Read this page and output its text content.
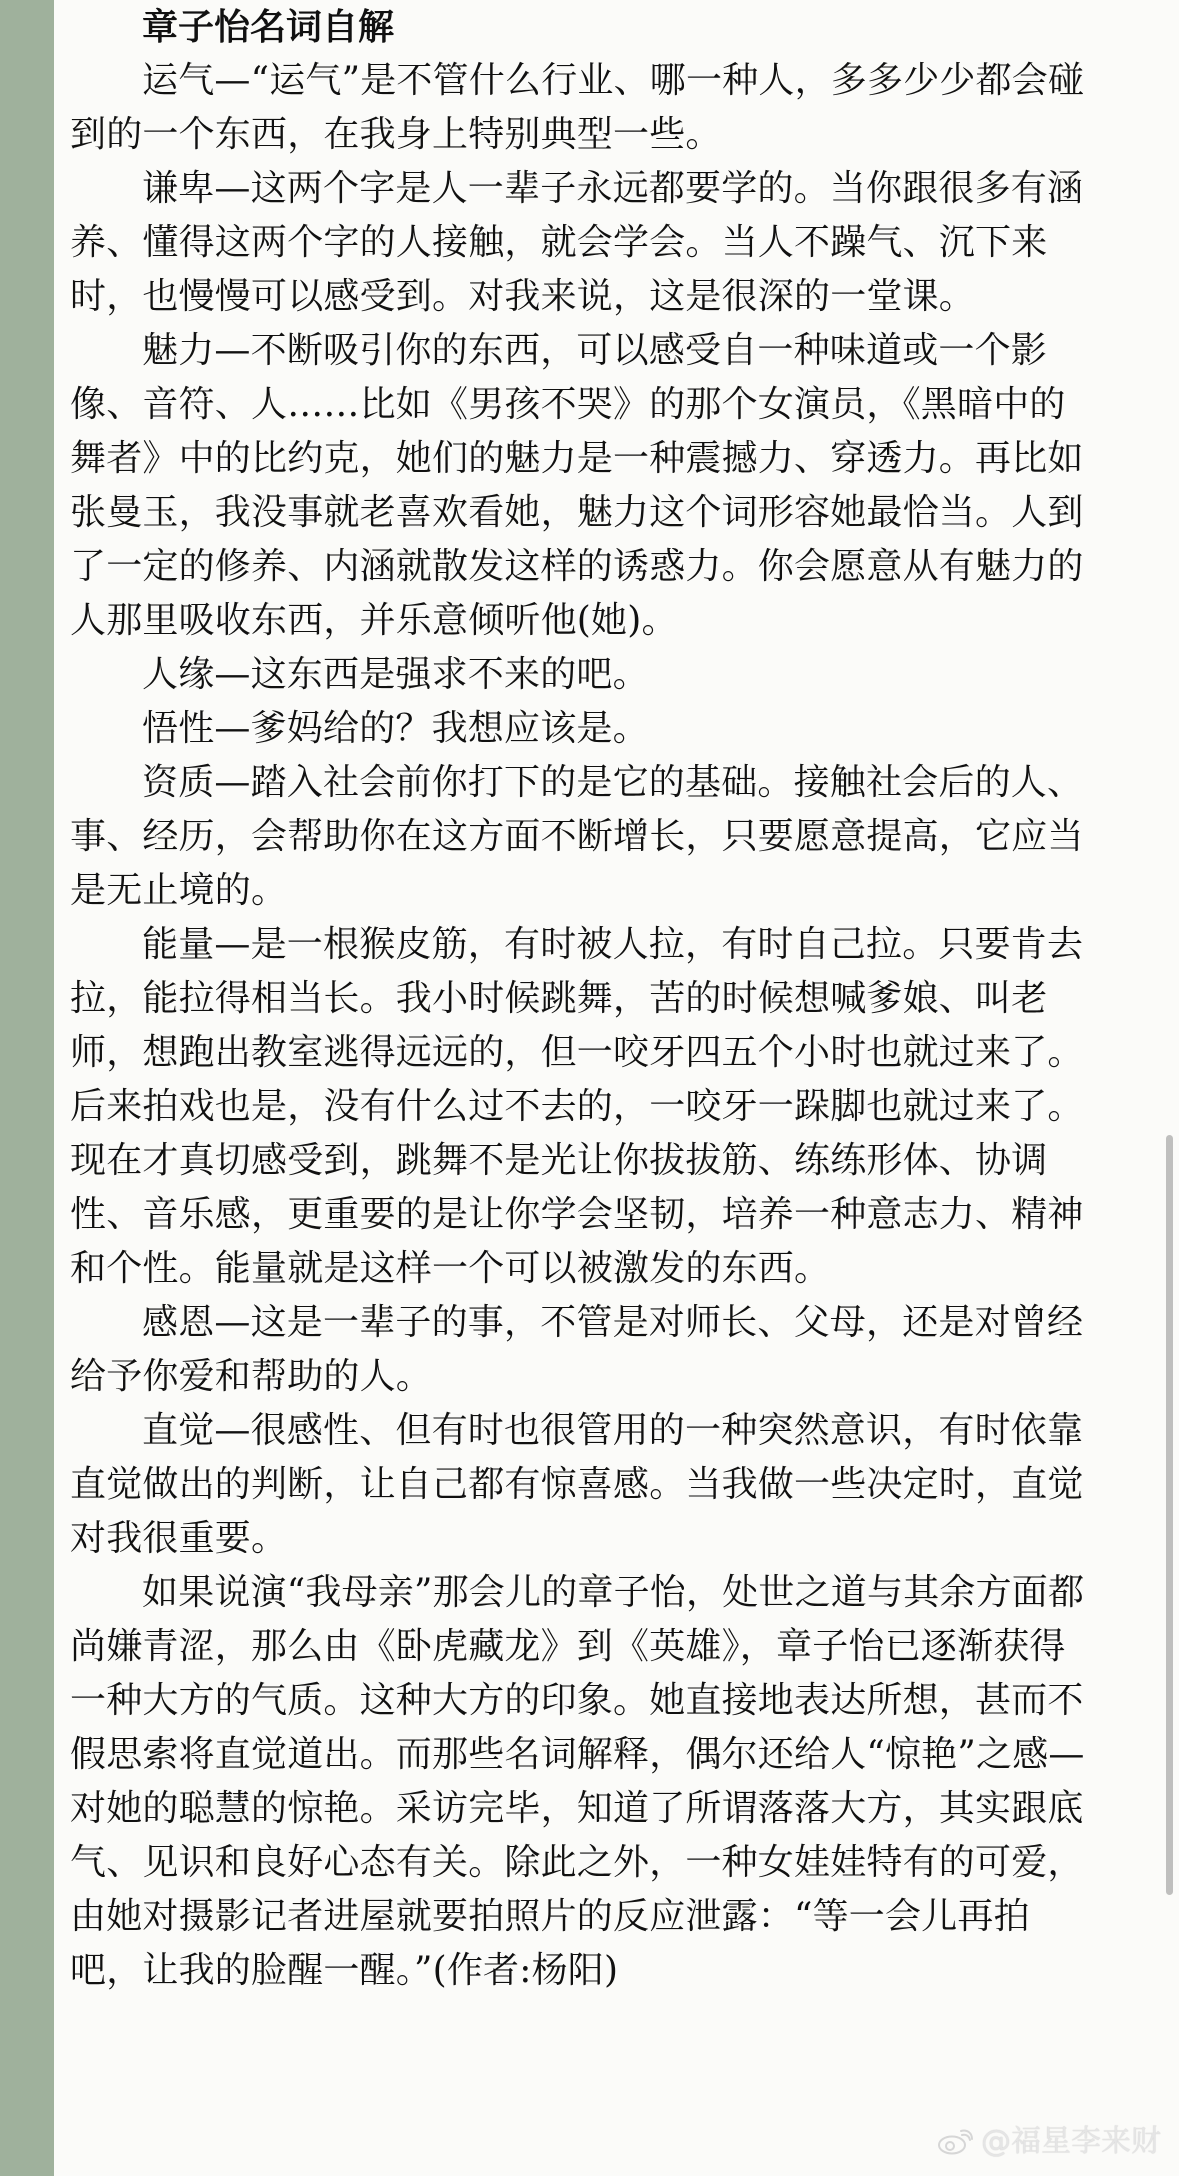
章子怡名词自解

运气—“运气”是不管什么行业、哪一种人，多多少少都会碰到的一个东西，在我身上特别典型一些。

谦卑—这两个字是人一辈子永远都要学的。当你跟很多有涵养、懂得这两个字的人接触，就会学会。当人不躁气、沉下来时，也慢慢可以感受到。对我来说，这是很深的一堂课。

魅力—不断吸引你的东西，可以感受自一种味道或一个影像、音符、人……比如《男孩不哭》的那个女演员，《黑暗中的舞者》中的比约克，她们的魅力是一种震撼力、穿透力。再比如张曼玉，我没事就老喜欢看她，魅力这个词形容她最恰当。人到了一定的修养、内涵就散发这样的诱惑力。你会愿意从有魅力的人那里吸收东西，并乐意倾听他(她)。

人缘—这东西是强求不来的吧。

悟性—爹妈给的？我想应该是。

资质—踏入社会前你打下的是它的基础。接触社会后的人、事、经历，会帮助你在这方面不断增长，只要愿意提高，它应当是无止境的。

能量—是一根猴皮筋，有时被人拉，有时自己拉。只要肯去拉，能拉得相当长。我小时候跳舞，苦的时候想喊爹娘、叫老师，想跑出教室逃得远远的，但一咬牙四五个小时也就过来了。后来拍戏也是，没有什么过不去的，一咬牙一跺脚也就过来了。现在才真切感受到，跳舞不是光让你拔拔筋、练练形体、协调性、音乐感，更重要的是让你学会坚韧，培养一种意志力、精神和个性。能量就是这样一个可以被激发的东西。

感恩—这是一辈子的事，不管是对师长、父母，还是对曾经给予你爱和帮助的人。

直觉—很感性、但有时也很管用的一种突然意识，有时依靠直觉做出的判断，让自己都有惊喜感。当我做一些决定时，直觉对我很重要。

如果说演“我母亲”那会儿的章子怡，处世之道与其余方面都尚嫌青涩，那么由《卧虎藏龙》到《英雄》，章子怡已逐渐获得一种大方的气质。这种大方的印象。她直接地表达所想，甚而不假思索将直觉道出。而那些名词解释，偶尔还给人“惊艳”之感—对她的聪慧的惊艳。采访完毕，知道了所谓落落大方，其实跟底气、见识和良好心态有关。除此之外，一种女娃娃特有的可爱，由她对摄影记者进屋就要拍照片的反应泄露：“等一会儿再拍吧，让我的脸醒一醒。”(作者:杨阳)

@福星李来财
